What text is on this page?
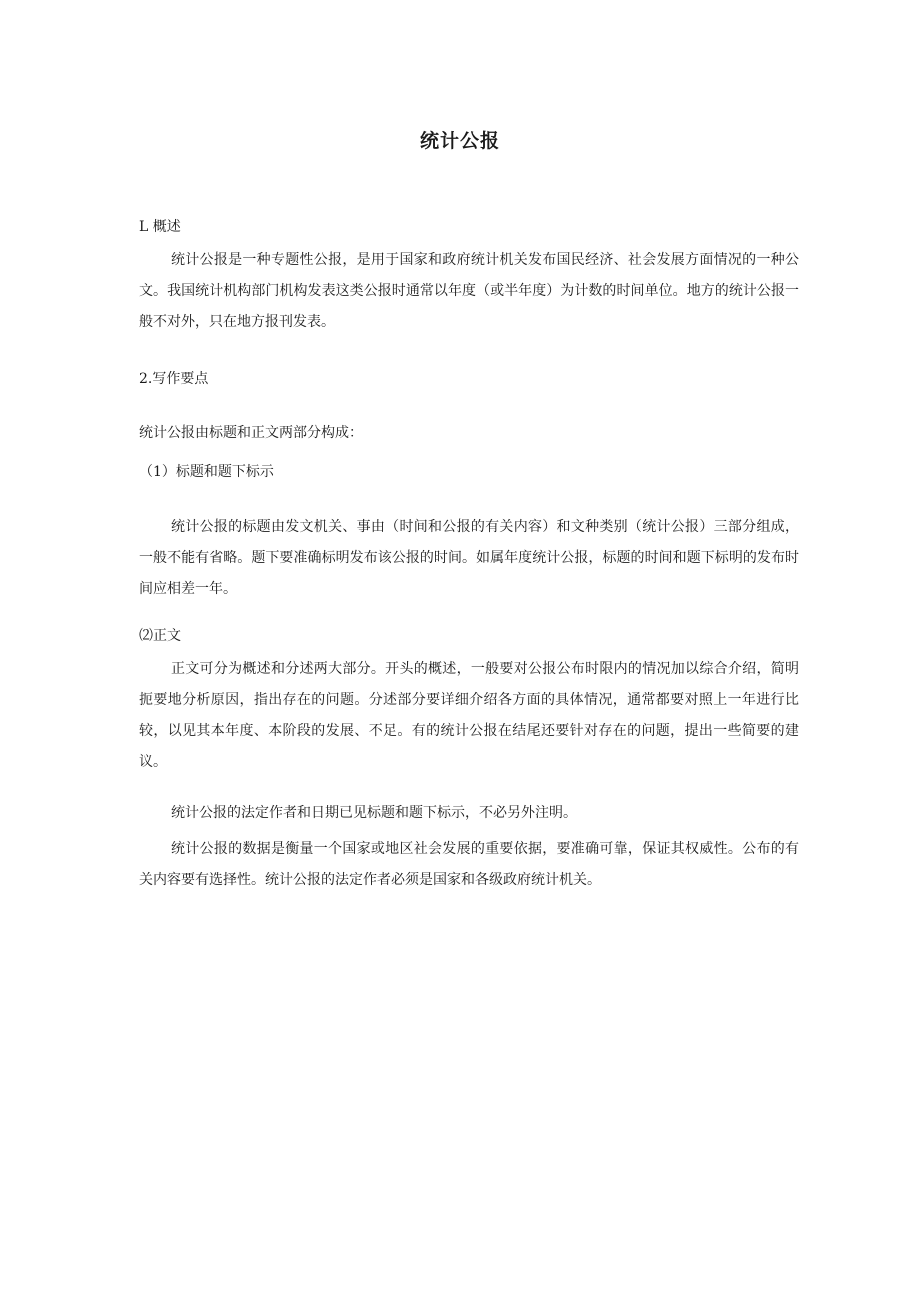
统计公报

L 概述

统计公报是一种专题性公报，是用于国家和政府统计机关发布国民经济、社会发展方面情况的一种公文。我国统计机构部门机构发表这类公报时通常以年度（或半年度）为计数的时间单位。地方的统计公报一般不对外，只在地方报刊发表。

2.写作要点

统计公报由标题和正文两部分构成：

（1）标题和题下标示

统计公报的标题由发文机关、事由（时间和公报的有关内容）和文种类别（统计公报）三部分组成，一般不能有省略。题下要准确标明发布该公报的时间。如属年度统计公报，标题的时间和题下标明的发布时间应相差一年。

⑵正文

正文可分为概述和分述两大部分。开头的概述，一般要对公报公布时限内的情况加以综合介绍，简明扼要地分析原因，指出存在的问题。分述部分要详细介绍各方面的具体情况，通常都要对照上一年进行比较，以见其本年度、本阶段的发展、不足。有的统计公报在结尾还要针对存在的问题，提出一些简要的建议。

统计公报的法定作者和日期已见标题和题下标示，不必另外注明。

统计公报的数据是衡量一个国家或地区社会发展的重要依据，要准确可靠，保证其权威性。公布的有关内容要有选择性。统计公报的法定作者必须是国家和各级政府统计机关。
